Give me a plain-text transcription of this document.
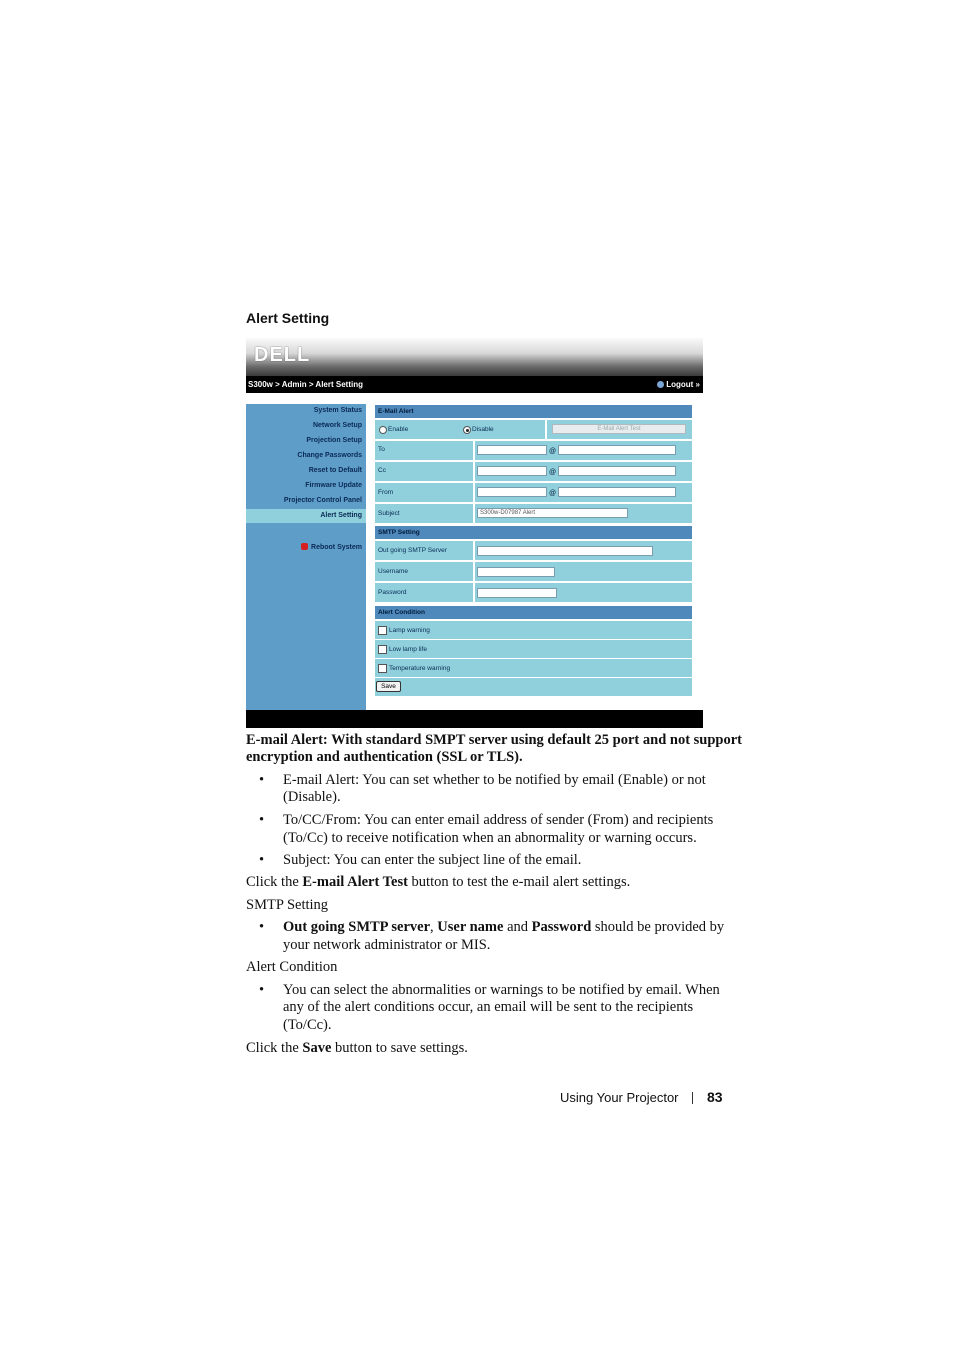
Alert Setting
DELL
S300w > Admin > Alert Setting	Logout »
System Status
Network Setup
Projection Setup
Change Passwords
Reset to Default
Firmware Update
Projector Control Panel
Alert Setting
Reboot System
E-Mail Alert
Enable	Disable	E-Mail Alert Test
To	@
Cc	@
From	@
Subject	S300w-D07987 Alert
SMTP Setting
Out going SMTP Server
Username
Password
Alert Condition
Lamp warning
Low lamp life
Temperature warning
Save
E-mail Alert: With standard SMPT server using default 25 port and not support
encryption and authentication (SSL or TLS).
• E-mail Alert: You can set whether to be notified by email (Enable) or not
(Disable).
• To/CC/From: You can enter email address of sender (From) and recipients
(To/Cc) to receive notification when an abnormality or warning occurs.
• Subject: You can enter the subject line of the email.
Click the E-mail Alert Test button to test the e-mail alert settings.
SMTP Setting
• Out going SMTP server, User name and Password should be provided by
your network administrator or MIS.
Alert Condition
• You can select the abnormalities or warnings to be notified by email. When
any of the alert conditions occur, an email will be sent to the recipients
(To/Cc).
Click the Save button to save settings.
Using Your Projector 83
